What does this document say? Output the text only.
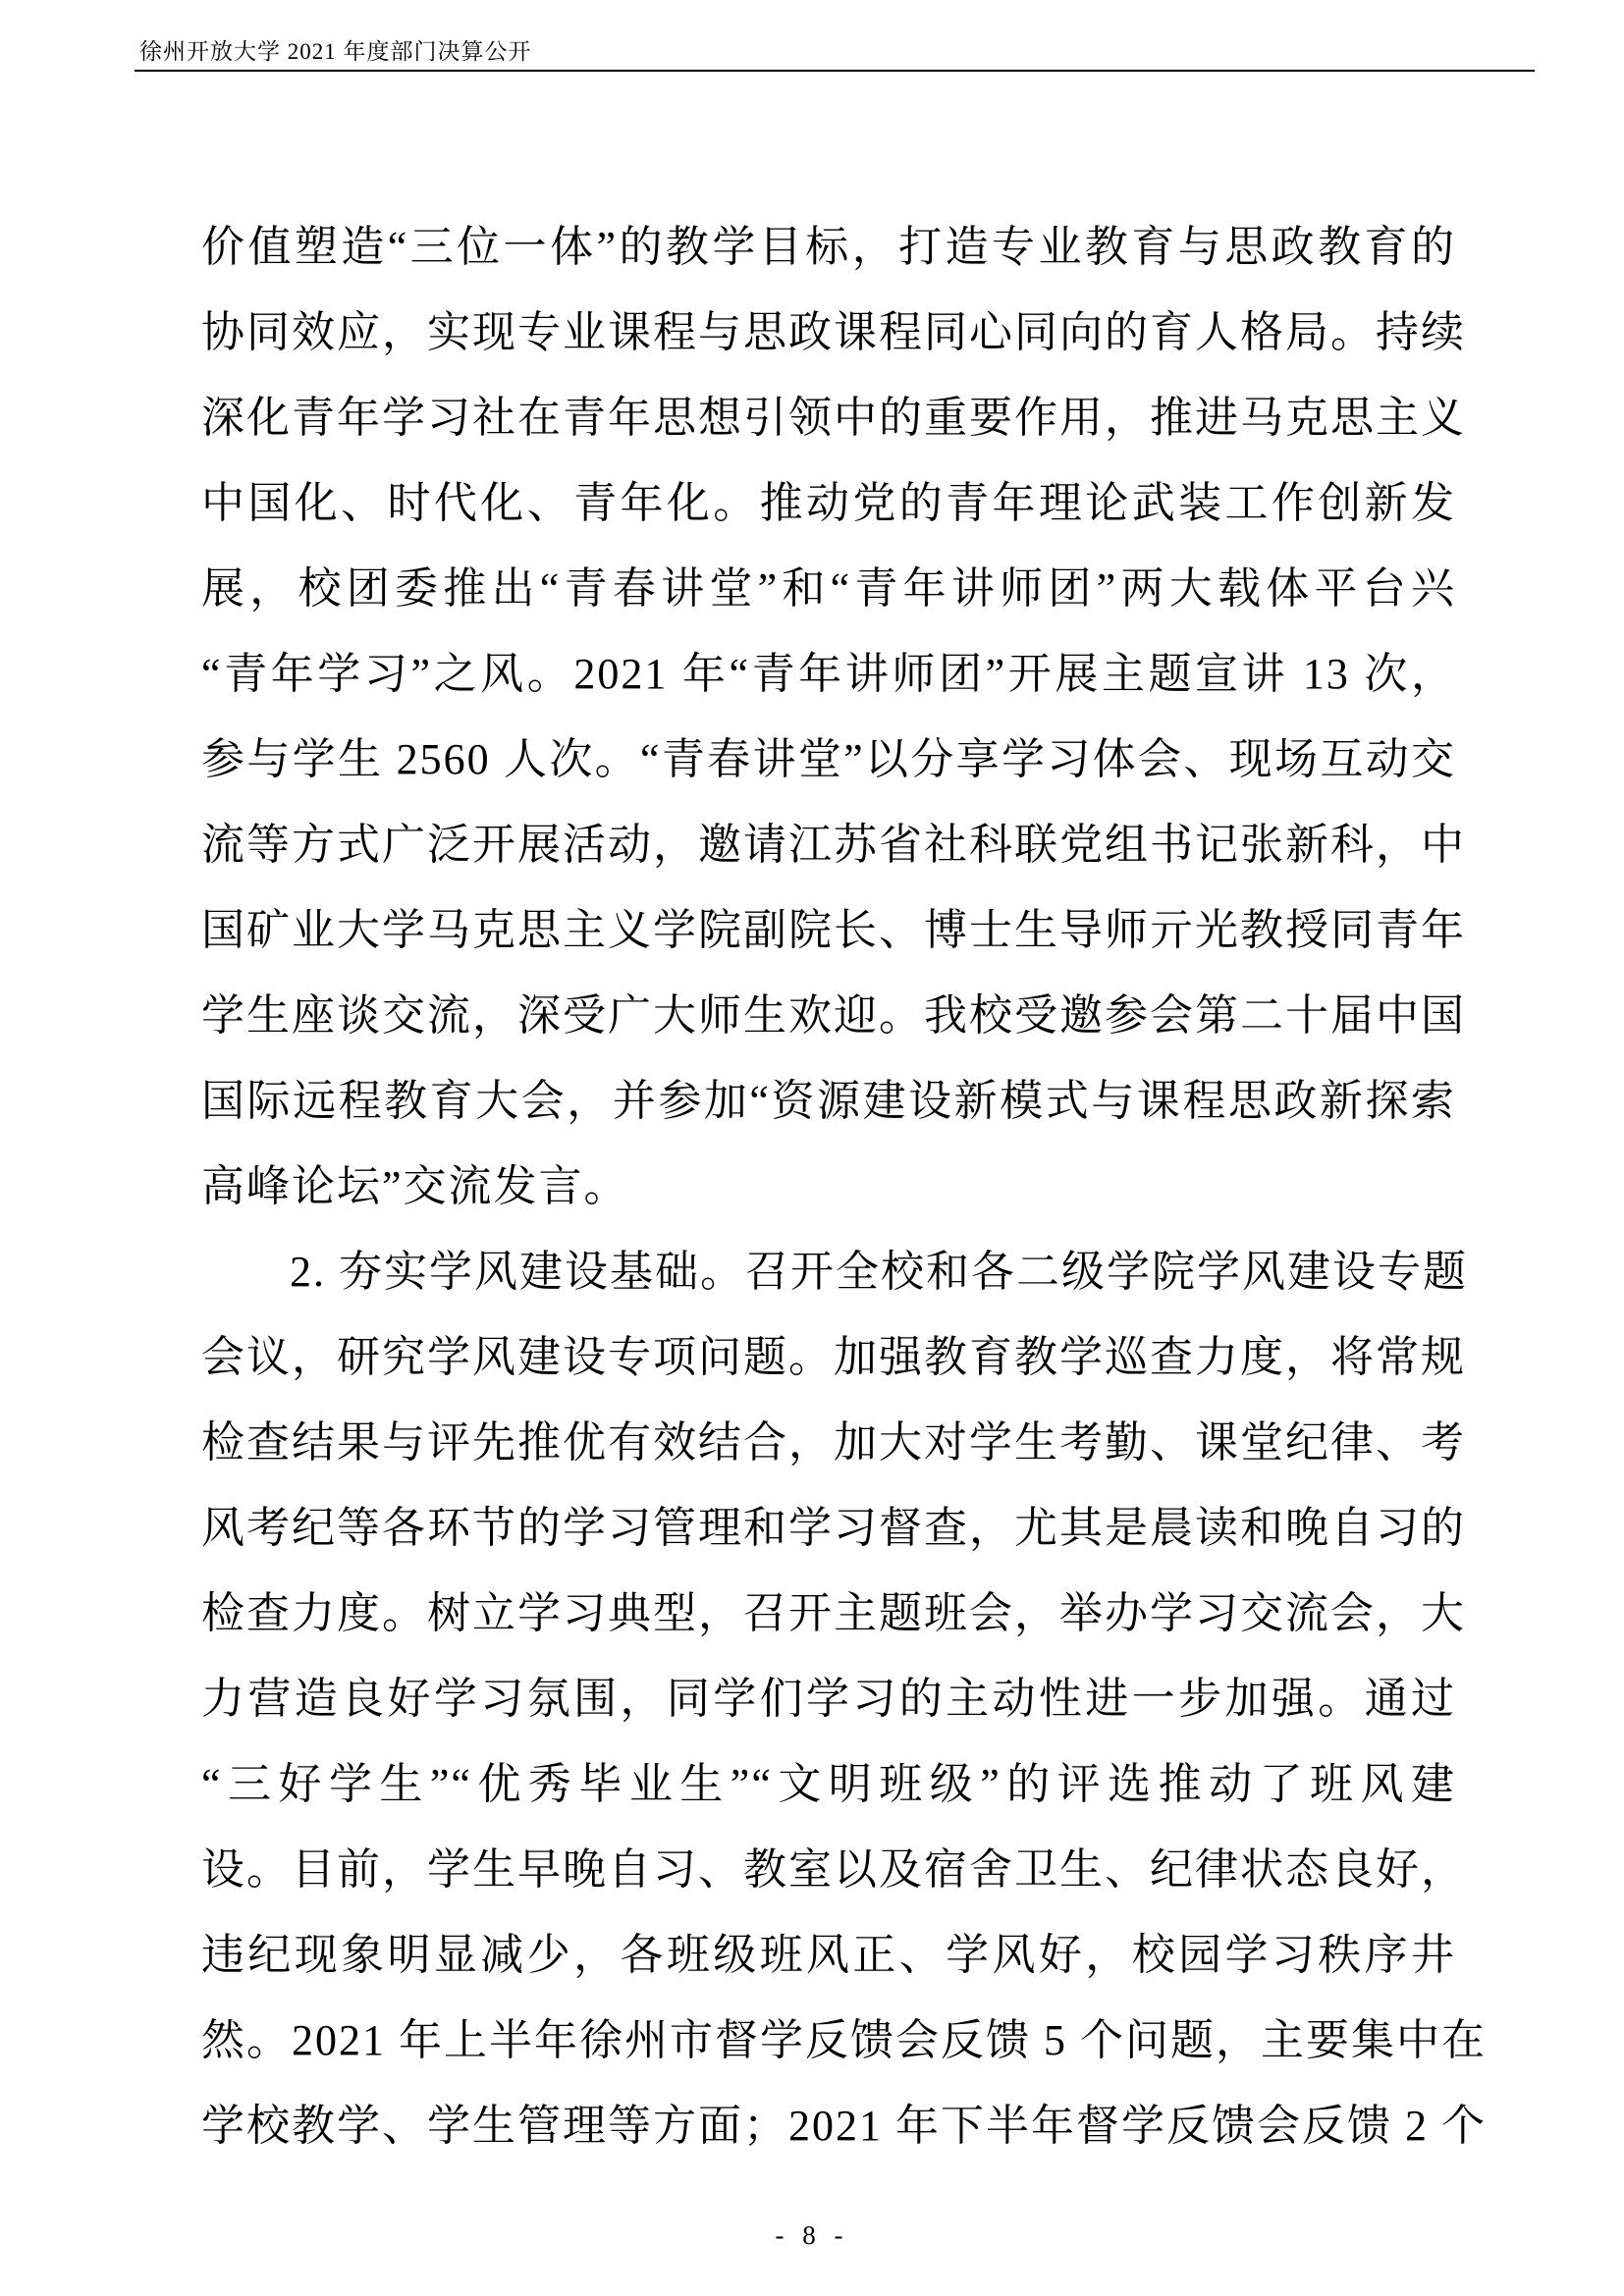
徐州开放大学 2021 年度部门决算公开
价值塑造“三位一体”的教学目标，打造专业教育与思政教育的
协同效应，实现专业课程与思政课程同心同向的育人格局。持续
深化青年学习社在青年思想引领中的重要作用，推进马克思主义
中国化、时代化、青年化。推动党的青年理论武装工作创新发
展，校团委推出“青春讲堂”和“青年讲师团”两大载体平台兴
“青年学习”之风。2021 年“青年讲师团”开展主题宣讲 13 次，
参与学生 2560 人次。“青春讲堂”以分享学习体会、现场互动交
流等方式广泛开展活动，邀请江苏省社科联党组书记张新科，中
国矿业大学马克思主义学院副院长、博士生导师亓光教授同青年
学生座谈交流，深受广大师生欢迎。我校受邀参会第二十届中国
国际远程教育大会，并参加“资源建设新模式与课程思政新探索
高峰论坛”交流发言。
2. 夯实学风建设基础。召开全校和各二级学院学风建设专题
会议，研究学风建设专项问题。加强教育教学巡查力度，将常规
检查结果与评先推优有效结合，加大对学生考勤、课堂纪律、考
风考纪等各环节的学习管理和学习督查，尤其是晨读和晚自习的
检查力度。树立学习典型，召开主题班会，举办学习交流会，大
力营造良好学习氛围，同学们学习的主动性进一步加强。通过
“三好学生”“优秀毕业生”“文明班级”的评选推动了班风建
设。目前，学生早晚自习、教室以及宿舍卫生、纪律状态良好，
违纪现象明显减少，各班级班风正、学风好，校园学习秩序井
然。2021 年上半年徐州市督学反馈会反馈 5 个问题，主要集中在
学校教学、学生管理等方面；2021 年下半年督学反馈会反馈 2 个
- 8 -
